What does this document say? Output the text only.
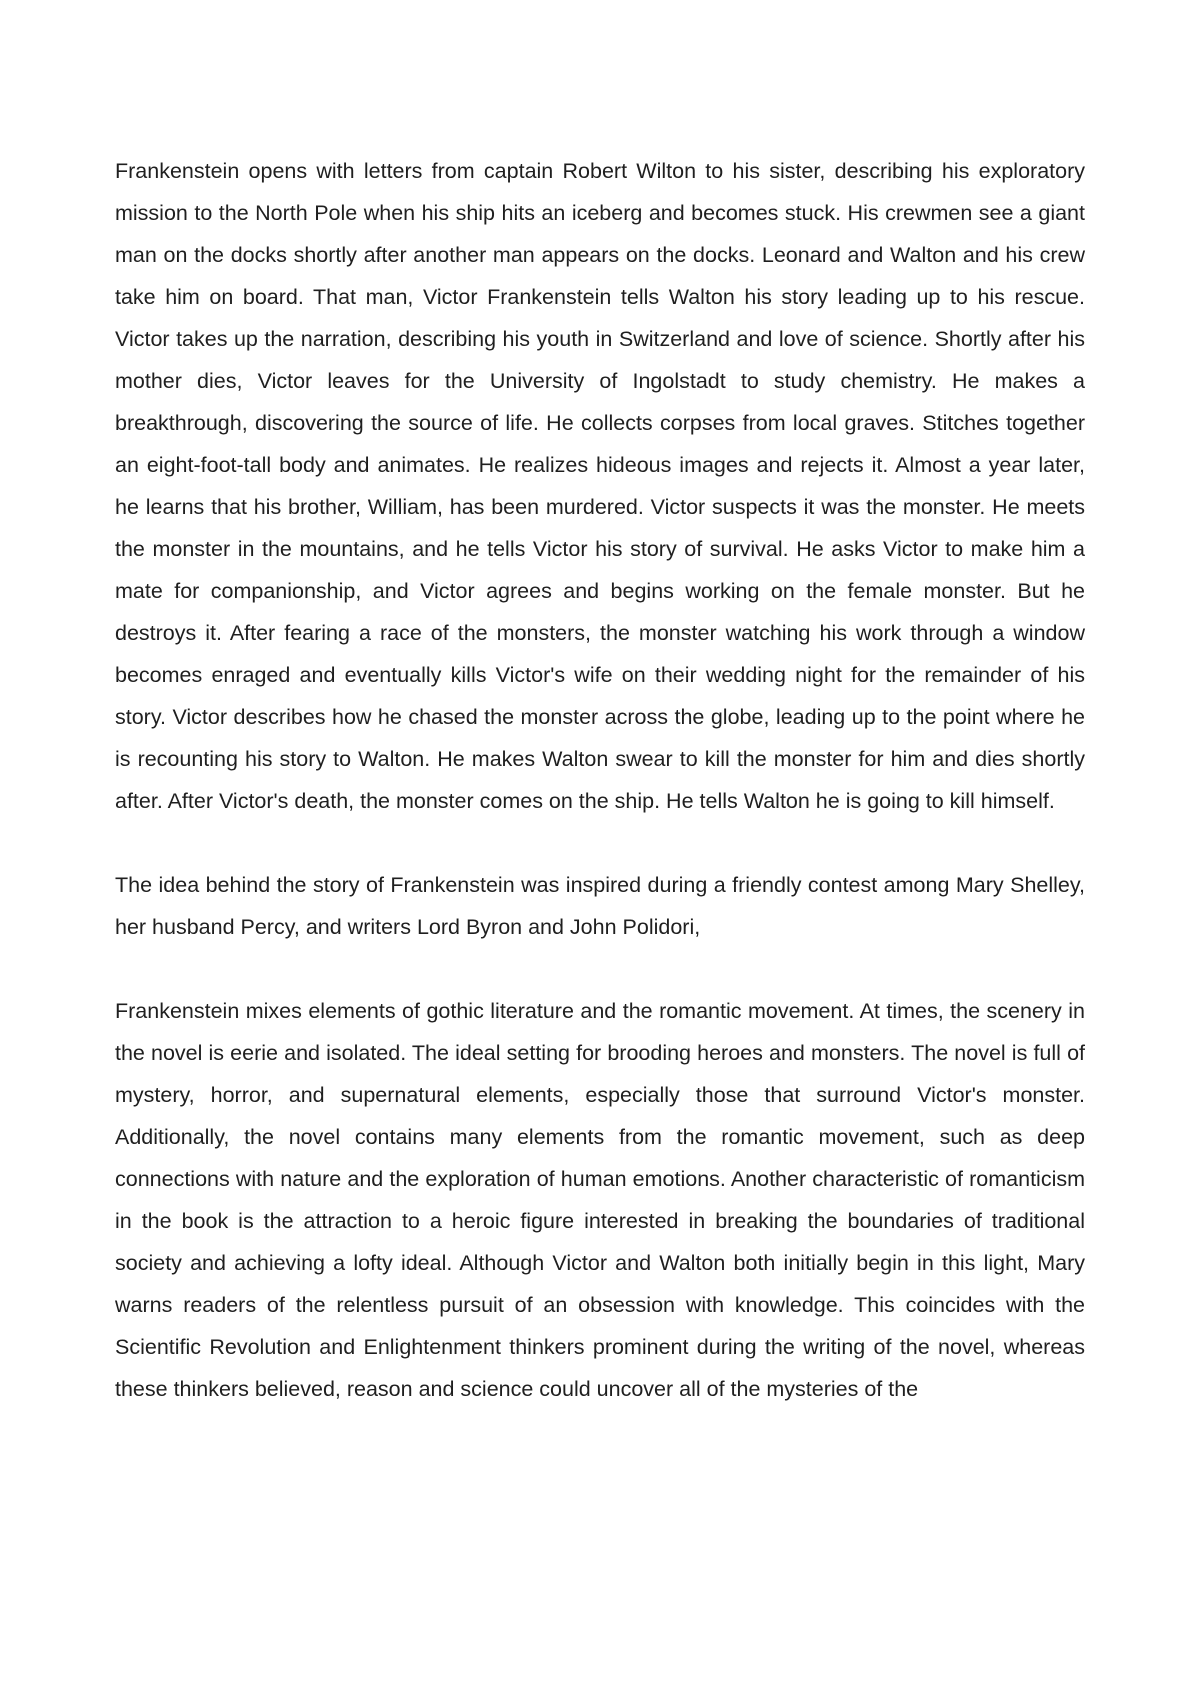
Frankenstein opens with letters from captain Robert Wilton to his sister, describing his exploratory mission to the North Pole when his ship hits an iceberg and becomes stuck. His crewmen see a giant man on the docks shortly after another man appears on the docks. Leonard and Walton and his crew take him on board. That man, Victor Frankenstein tells Walton his story leading up to his rescue. Victor takes up the narration, describing his youth in Switzerland and love of science. Shortly after his mother dies, Victor leaves for the University of Ingolstadt to study chemistry. He makes a breakthrough, discovering the source of life. He collects corpses from local graves. Stitches together an eight-foot-tall body and animates. He realizes hideous images and rejects it. Almost a year later, he learns that his brother, William, has been murdered. Victor suspects it was the monster. He meets the monster in the mountains, and he tells Victor his story of survival. He asks Victor to make him a mate for companionship, and Victor agrees and begins working on the female monster. But he destroys it. After fearing a race of the monsters, the monster watching his work through a window becomes enraged and eventually kills Victor's wife on their wedding night for the remainder of his story. Victor describes how he chased the monster across the globe, leading up to the point where he is recounting his story to Walton. He makes Walton swear to kill the monster for him and dies shortly after. After Victor's death, the monster comes on the ship. He tells Walton he is going to kill himself.

The idea behind the story of Frankenstein was inspired during a friendly contest among Mary Shelley, her husband Percy, and writers Lord Byron and John Polidori,

Frankenstein mixes elements of gothic literature and the romantic movement. At times, the scenery in the novel is eerie and isolated. The ideal setting for brooding heroes and monsters. The novel is full of mystery, horror, and supernatural elements, especially those that surround Victor's monster. Additionally, the novel contains many elements from the romantic movement, such as deep connections with nature and the exploration of human emotions. Another characteristic of romanticism in the book is the attraction to a heroic figure interested in breaking the boundaries of traditional society and achieving a lofty ideal. Although Victor and Walton both initially begin in this light, Mary warns readers of the relentless pursuit of an obsession with knowledge. This coincides with the Scientific Revolution and Enlightenment thinkers prominent during the writing of the novel, whereas these thinkers believed, reason and science could uncover all of the mysteries of the
